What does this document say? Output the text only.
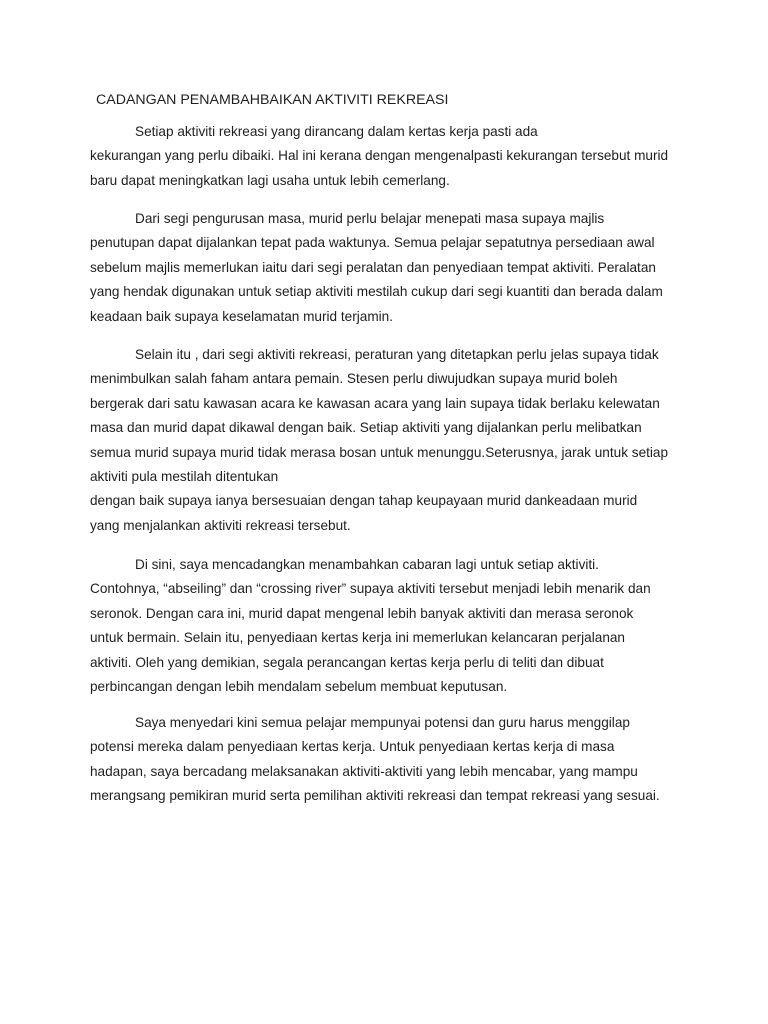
CADANGAN PENAMBAHBAIKAN AKTIVITI REKREASI
Setiap aktiviti rekreasi yang dirancang dalam kertas kerja pasti ada
kekurangan yang perlu dibaiki. Hal ini kerana dengan mengenalpasti kekurangan tersebut murid
baru dapat meningkatkan lagi usaha untuk lebih cemerlang.
Dari segi pengurusan masa, murid perlu belajar menepati masa supaya majlis
penutupan dapat dijalankan tepat pada waktunya. Semua pelajar sepatutnya persediaan awal
sebelum majlis memerlukan iaitu dari segi peralatan dan penyediaan tempat aktiviti. Peralatan
yang hendak digunakan untuk setiap aktiviti mestilah cukup dari segi kuantiti dan berada dalam
keadaan baik supaya keselamatan murid terjamin.
Selain itu , dari segi aktiviti rekreasi, peraturan yang ditetapkan perlu jelas supaya tidak
menimbulkan salah faham antara pemain. Stesen perlu diwujudkan supaya murid boleh
bergerak dari satu kawasan acara ke kawasan acara yang lain supaya tidak berlaku kelewatan
masa dan murid dapat dikawal dengan baik. Setiap aktiviti yang dijalankan perlu melibatkan
semua murid supaya murid tidak merasa bosan untuk menunggu.Seterusnya, jarak untuk setiap
aktiviti pula mestilah ditentukan
dengan baik supaya ianya bersesuaian dengan tahap keupayaan murid dankeadaan murid
yang menjalankan aktiviti rekreasi tersebut.
Di sini, saya mencadangkan menambahkan cabaran lagi untuk setiap aktiviti.
Contohnya, “abseiling” dan “crossing river” supaya aktiviti tersebut menjadi lebih menarik dan
seronok. Dengan cara ini, murid dapat mengenal lebih banyak aktiviti dan merasa seronok
untuk bermain. Selain itu, penyediaan kertas kerja ini memerlukan kelancaran perjalanan
aktiviti. Oleh yang demikian, segala perancangan kertas kerja perlu di teliti dan dibuat
perbincangan dengan lebih mendalam sebelum membuat keputusan.
Saya menyedari kini semua pelajar mempunyai potensi dan guru harus menggilap
potensi mereka dalam penyediaan kertas kerja. Untuk penyediaan kertas kerja di masa
hadapan, saya bercadang melaksanakan aktiviti-aktiviti yang lebih mencabar, yang mampu
merangsang pemikiran murid serta pemilihan aktiviti rekreasi dan tempat rekreasi yang sesuai.
